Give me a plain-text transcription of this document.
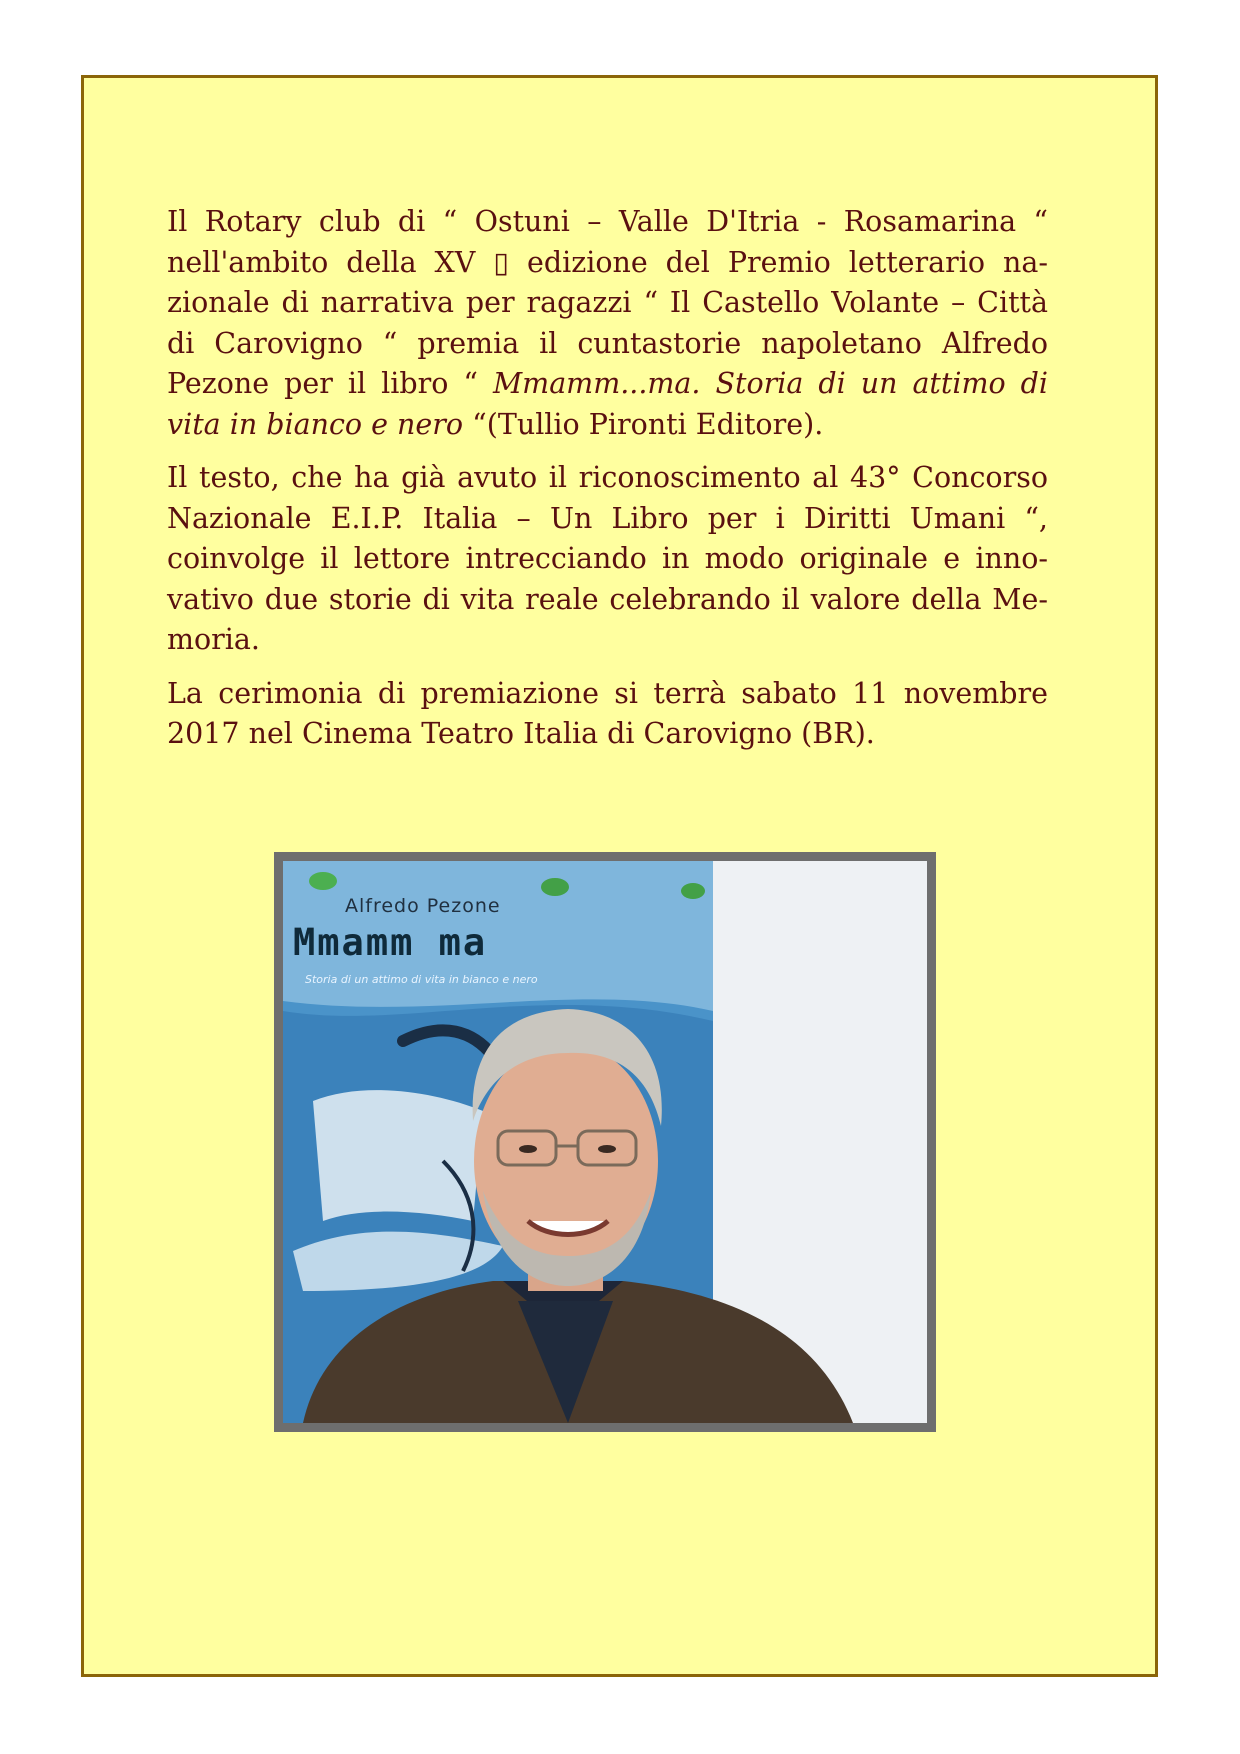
Il Rotary club di “ Ostuni – Valle D'Itria - Rosamarina “ nell'ambito della XV ▯ edizione del Premio letterario nazionale di narrativa per ragazzi “ Il Castello Volante – Città di Carovigno “ premia il cuntastorie napoletano Alfredo Pezone per il libro “ Mmamm...ma. Storia di un attimo di vita in bianco e nero “(Tullio Pironti Editore).

Il testo, che ha già avuto il riconoscimento al 43° Concorso Nazionale E.I.P. Italia – Un Libro per i Diritti Umani “, coinvolge il lettore intrecciando in modo originale e innovativo due storie di vita reale celebrando il valore della Memoria.

La cerimonia di premiazione si terrà sabato 11 novembre 2017 nel Cinema Teatro Italia di Carovigno (BR).

Alfredo Pezone
Mmamm ma
Storia di un attimo di vita in bianco e nero
